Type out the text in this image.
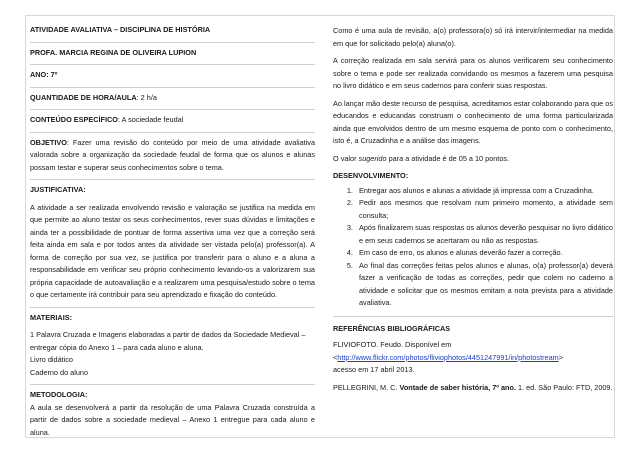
ATIVIDADE AVALIATIVA – DISCIPLINA DE HISTÓRIA
PROFA. MARCIA REGINA DE OLIVEIRA LUPION
ANO: 7º
QUANTIDADE DE HORA/AULA: 2 h/a
CONTEÚDO ESPECÍFICO: A sociedade feudal
OBJETIVO: Fazer uma revisão do conteúdo por meio de uma atividade avaliativa valorada sobre a organização da sociedade feudal de forma que os alunos e alunas possam testar e superar seus conhecimentos sobre o tema.
JUSTIFICATIVA:
A atividade a ser realizada envolvendo revisão e valoração se justifica na medida em que permite ao aluno testar os seus conhecimentos, rever suas dúvidas e limitações e ainda ter a possibilidade de pontuar de forma assertiva uma vez que a correção será feita ainda em sala e por todos antes da atividade ser vistada pelo(a) professor(a). A forma de correção por sua vez, se justifica por transferir para o aluno e a aluna a responsabilidade em verificar seu próprio conhecimento levando-os a valorizarem sua própria capacidade de autoavaliação e a realizarem uma pesquisa/estudo sobre o tema o que certamente irá contribuir para seu aprendizado e fixação do conteúdo.
MATERIAIS:
1 Palavra Cruzada e Imagens elaboradas a partir de dados da Sociedade Medieval – entregar cópia do Anexo 1 – para cada aluno e aluna.
Livro didático
Caderno do aluno
METODOLOGIA:
A aula se desenvolverá a partir da resolução de uma Palavra Cruzada construída a partir de dados sobre a sociedade medieval – Anexo 1 entregue para cada aluno e aluna.

Como é uma aula de revisão, a(o) professora(o) só irá intervir/intermediar na medida em que for solicitado pelo(a) aluna(o).

A correção realizada em sala servirá para os alunos verificarem seu conhecimento sobre o tema e pode ser realizada convidando os mesmos a fazerem uma pesquisa no livro didático e em seus cadernos para conferir suas respostas.

Ao lançar mão deste recurso de pesquisa, acreditamos estar colaborando para que os educandos e educandas construam o conhecimento de uma forma particularizada ainda que envolvidos dentro de um mesmo esquema de ponto com o conhecimento, isto é, a Cruzadinha e a análise das imagens.

O valor sugerido para a atividade é de 05 a 10 pontos.

DESENVOLVIMENTO:
1. Entregar aos alunos e alunas a atividade já impressa com a Cruzadinha.
2. Pedir aos mesmos que resolvam num primeiro momento, a atividade sem consulta;
3. Após finalizarem suas respostas os alunos deverão pesquisar no livro didático e em seus cadernos se acertaram ou não as respostas.
4. Em caso de erro, os alunos e alunas deverão fazer a correção.
5. Ao final das correções feitas pelos alunos e alunas, o(a) professor(a) deverá fazer a verificação de todas as correções, pedir que colem no caderno a atividade e solicitar que os mesmos emitam a nota prevista para a atividade avaliativa.
REFERÊNCIAS BIBLIOGRÁFICAS
FLIVIOFOTO. Feudo. Disponível em
<http://www.flickr.com/photos/fliviophotos/4451247991/in/photostream>
acesso em 17 abril 2013.
PELLEGRINI, M. C. Vontade de saber história, 7º ano. 1. ed. São Paulo: FTD, 2009.
